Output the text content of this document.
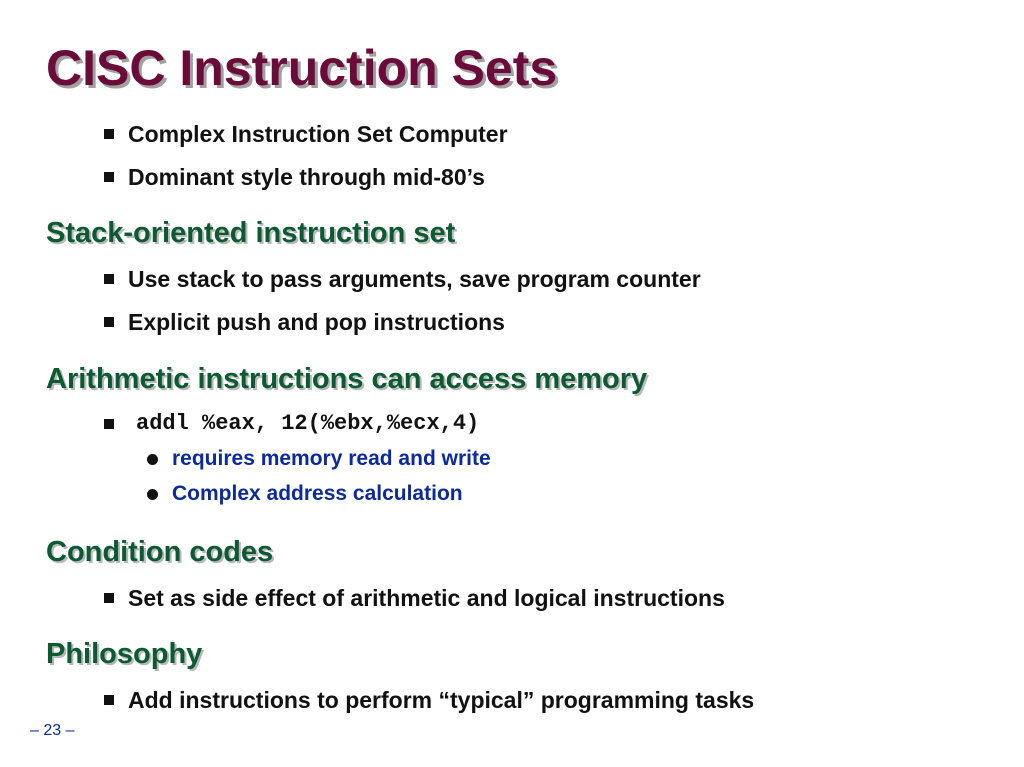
CISC Instruction Sets
Complex Instruction Set Computer
Dominant style through mid-80’s
Stack-oriented instruction set
Use stack to pass arguments, save program counter
Explicit push and pop instructions
Arithmetic instructions can access memory
addl %eax, 12(%ebx,%ecx,4)
requires memory read and write
Complex address calculation
Condition codes
Set as side effect of arithmetic and logical instructions
Philosophy
Add instructions to perform “typical” programming tasks
– 23 –
